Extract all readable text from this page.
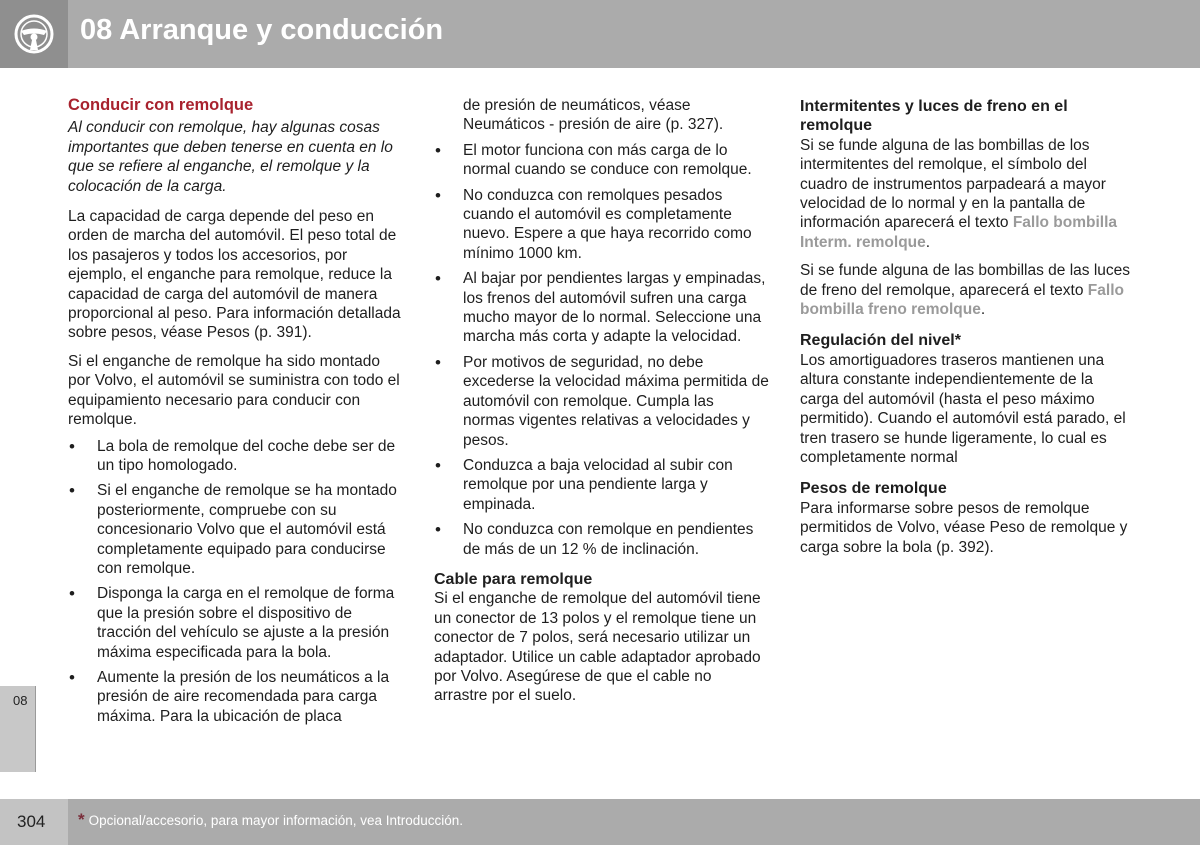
08 Arranque y conducción
08
Conducir con remolque

Al conducir con remolque, hay algunas cosas importantes que deben tenerse en cuenta en lo que se refiere al enganche, el remolque y la colocación de la carga.

La capacidad de carga depende del peso en orden de marcha del automóvil. El peso total de los pasajeros y todos los accesorios, por ejemplo, el enganche para remolque, reduce la capacidad de carga del automóvil de manera proporcional al peso. Para información detallada sobre pesos, véase Pesos (p. 391).

Si el enganche de remolque ha sido montado por Volvo, el automóvil se suministra con todo el equipamiento necesario para conducir con remolque.

• La bola de remolque del coche debe ser de un tipo homologado.
• Si el enganche de remolque se ha montado posteriormente, compruebe con su concesionario Volvo que el automóvil está completamente equipado para conducirse con remolque.
• Disponga la carga en el remolque de forma que la presión sobre el dispositivo de tracción del vehículo se ajuste a la presión máxima especificada para la bola.
• Aumente la presión de los neumáticos a la presión de aire recomendada para carga máxima. Para la ubicación de placa
de presión de neumáticos, véase Neumáticos - presión de aire (p. 327).
• El motor funciona con más carga de lo normal cuando se conduce con remolque.
• No conduzca con remolques pesados cuando el automóvil es completamente nuevo. Espere a que haya recorrido como mínimo 1000 km.
• Al bajar por pendientes largas y empinadas, los frenos del automóvil sufren una carga mucho mayor de lo normal. Seleccione una marcha más corta y adapte la velocidad.
• Por motivos de seguridad, no debe excederse la velocidad máxima permitida de automóvil con remolque. Cumpla las normas vigentes relativas a velocidades y pesos.
• Conduzca a baja velocidad al subir con remolque por una pendiente larga y empinada.
• No conduzca con remolque en pendientes de más de un 12 % de inclinación.
Cable para remolque

Si el enganche de remolque del automóvil tiene un conector de 13 polos y el remolque tiene un conector de 7 polos, será necesario utilizar un adaptador. Utilice un cable adaptador aprobado por Volvo. Asegúrese de que el cable no arrastre por el suelo.

Intermitentes y luces de freno en el remolque

Si se funde alguna de las bombillas de los intermitentes del remolque, el símbolo del cuadro de instrumentos parpadeará a mayor velocidad de lo normal y en la pantalla de información aparecerá el texto Fallo bombilla Interm. remolque.

Si se funde alguna de las bombillas de las luces de freno del remolque, aparecerá el texto Fallo bombilla freno remolque.

Regulación del nivel*

Los amortiguadores traseros mantienen una altura constante independientemente de la carga del automóvil (hasta el peso máximo permitido). Cuando el automóvil está parado, el tren trasero se hunde ligeramente, lo cual es completamente normal

Pesos de remolque

Para informarse sobre pesos de remolque permitidos de Volvo, véase Peso de remolque y carga sobre la bola (p. 392).

304 * Opcional/accesorio, para mayor información, vea Introducción.
